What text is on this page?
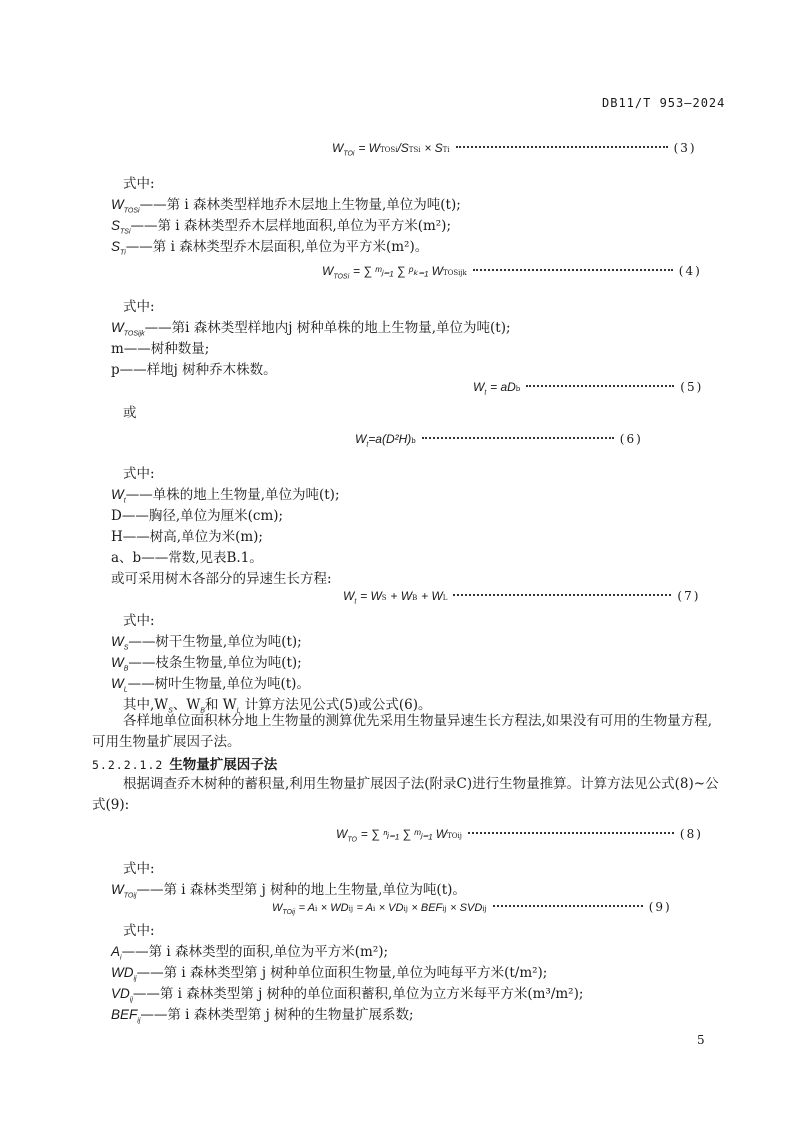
DB11/T 953—2024
$W_{TOi}$
= W TOSi /S TSi
× S Ti	(3)
式中:
$W_{TOSi}——$第 i 森林类型样地乔木层地上生物量,单位为吨(t);
$S_{TSi}——$第 i 森林类型乔木层样地面积,单位为平方米(m²);
$S_{Ti}——$第 i 森林类型乔木层面积,单位为平方米(m²)。
$W_{TOSi}$
= ∑ ᵐⱼ₌₁ ∑ ᵖₖ₌₁ W TOSijk	(4)
式中:
$W_{TOSijk}——$第i 森林类型样地内j 树种单株的地上生物量,单位为吨(t);
m——树种数量;
p——样地j 树种乔木株数。
$W_t$
= aD b	(5)
或
$W_t =a(D^2H)$ b	(6)
式中:
$W_t——$单株的地上生物量,单位为吨(t);
D——胸径,单位为厘米(cm);
H——树高,单位为米(m);
a、b——常数,见表B.1。
或可采用树木各部分的异速生长方程:
$W_t$
= W S
+ W B
+ W L	(7)
式中:
$W_S——$树干生物量,单位为吨(t);
$W_B——$枝条生物量,单位为吨(t);
$W_L——$树叶生物量,单位为吨(t)。
其中$,W_S$、$W_B$和 $W_L$ 计算方法见公式(5)或公式(6)。
各样地单位面积林分地上生物量的测算优先采用生物量异速生长方程法,如果没有可用的生物量方程,可用生物量扩展因子法。
5.2.2.1.2 生物量扩展因子法
根据调查乔木树种的蓄积量,利用生物量扩展因子法(附录C)进行生物量推算。计算方法见公式(8)~公式(9):
$W_{TO}$
= ∑ ⁿᵢ₌₁ ∑ ᵐⱼ₌₁ W TOij	(8)
式中:
$W_{TOij}——$第 i 森林类型第 j 树种的地上生物量,单位为吨(t)。
$W_{TOij}$
= A i
× WD ij
= A i
× VD ij
× BEF ij
× SVD ij	(9)
式中:
$A_i——$第 i 森林类型的面积,单位为平方米(m²);
$WD_{ij}——$第 i 森林类型第 j 树种单位面积生物量,单位为吨每平方米(t/m²);
$VD_{ij}——$第 i 森林类型第 j 树种的单位面积蓄积,单位为立方米每平方米(m³/m²);
$BEF_{ij}——$第 i 森林类型第 j 树种的生物量扩展系数;
5
